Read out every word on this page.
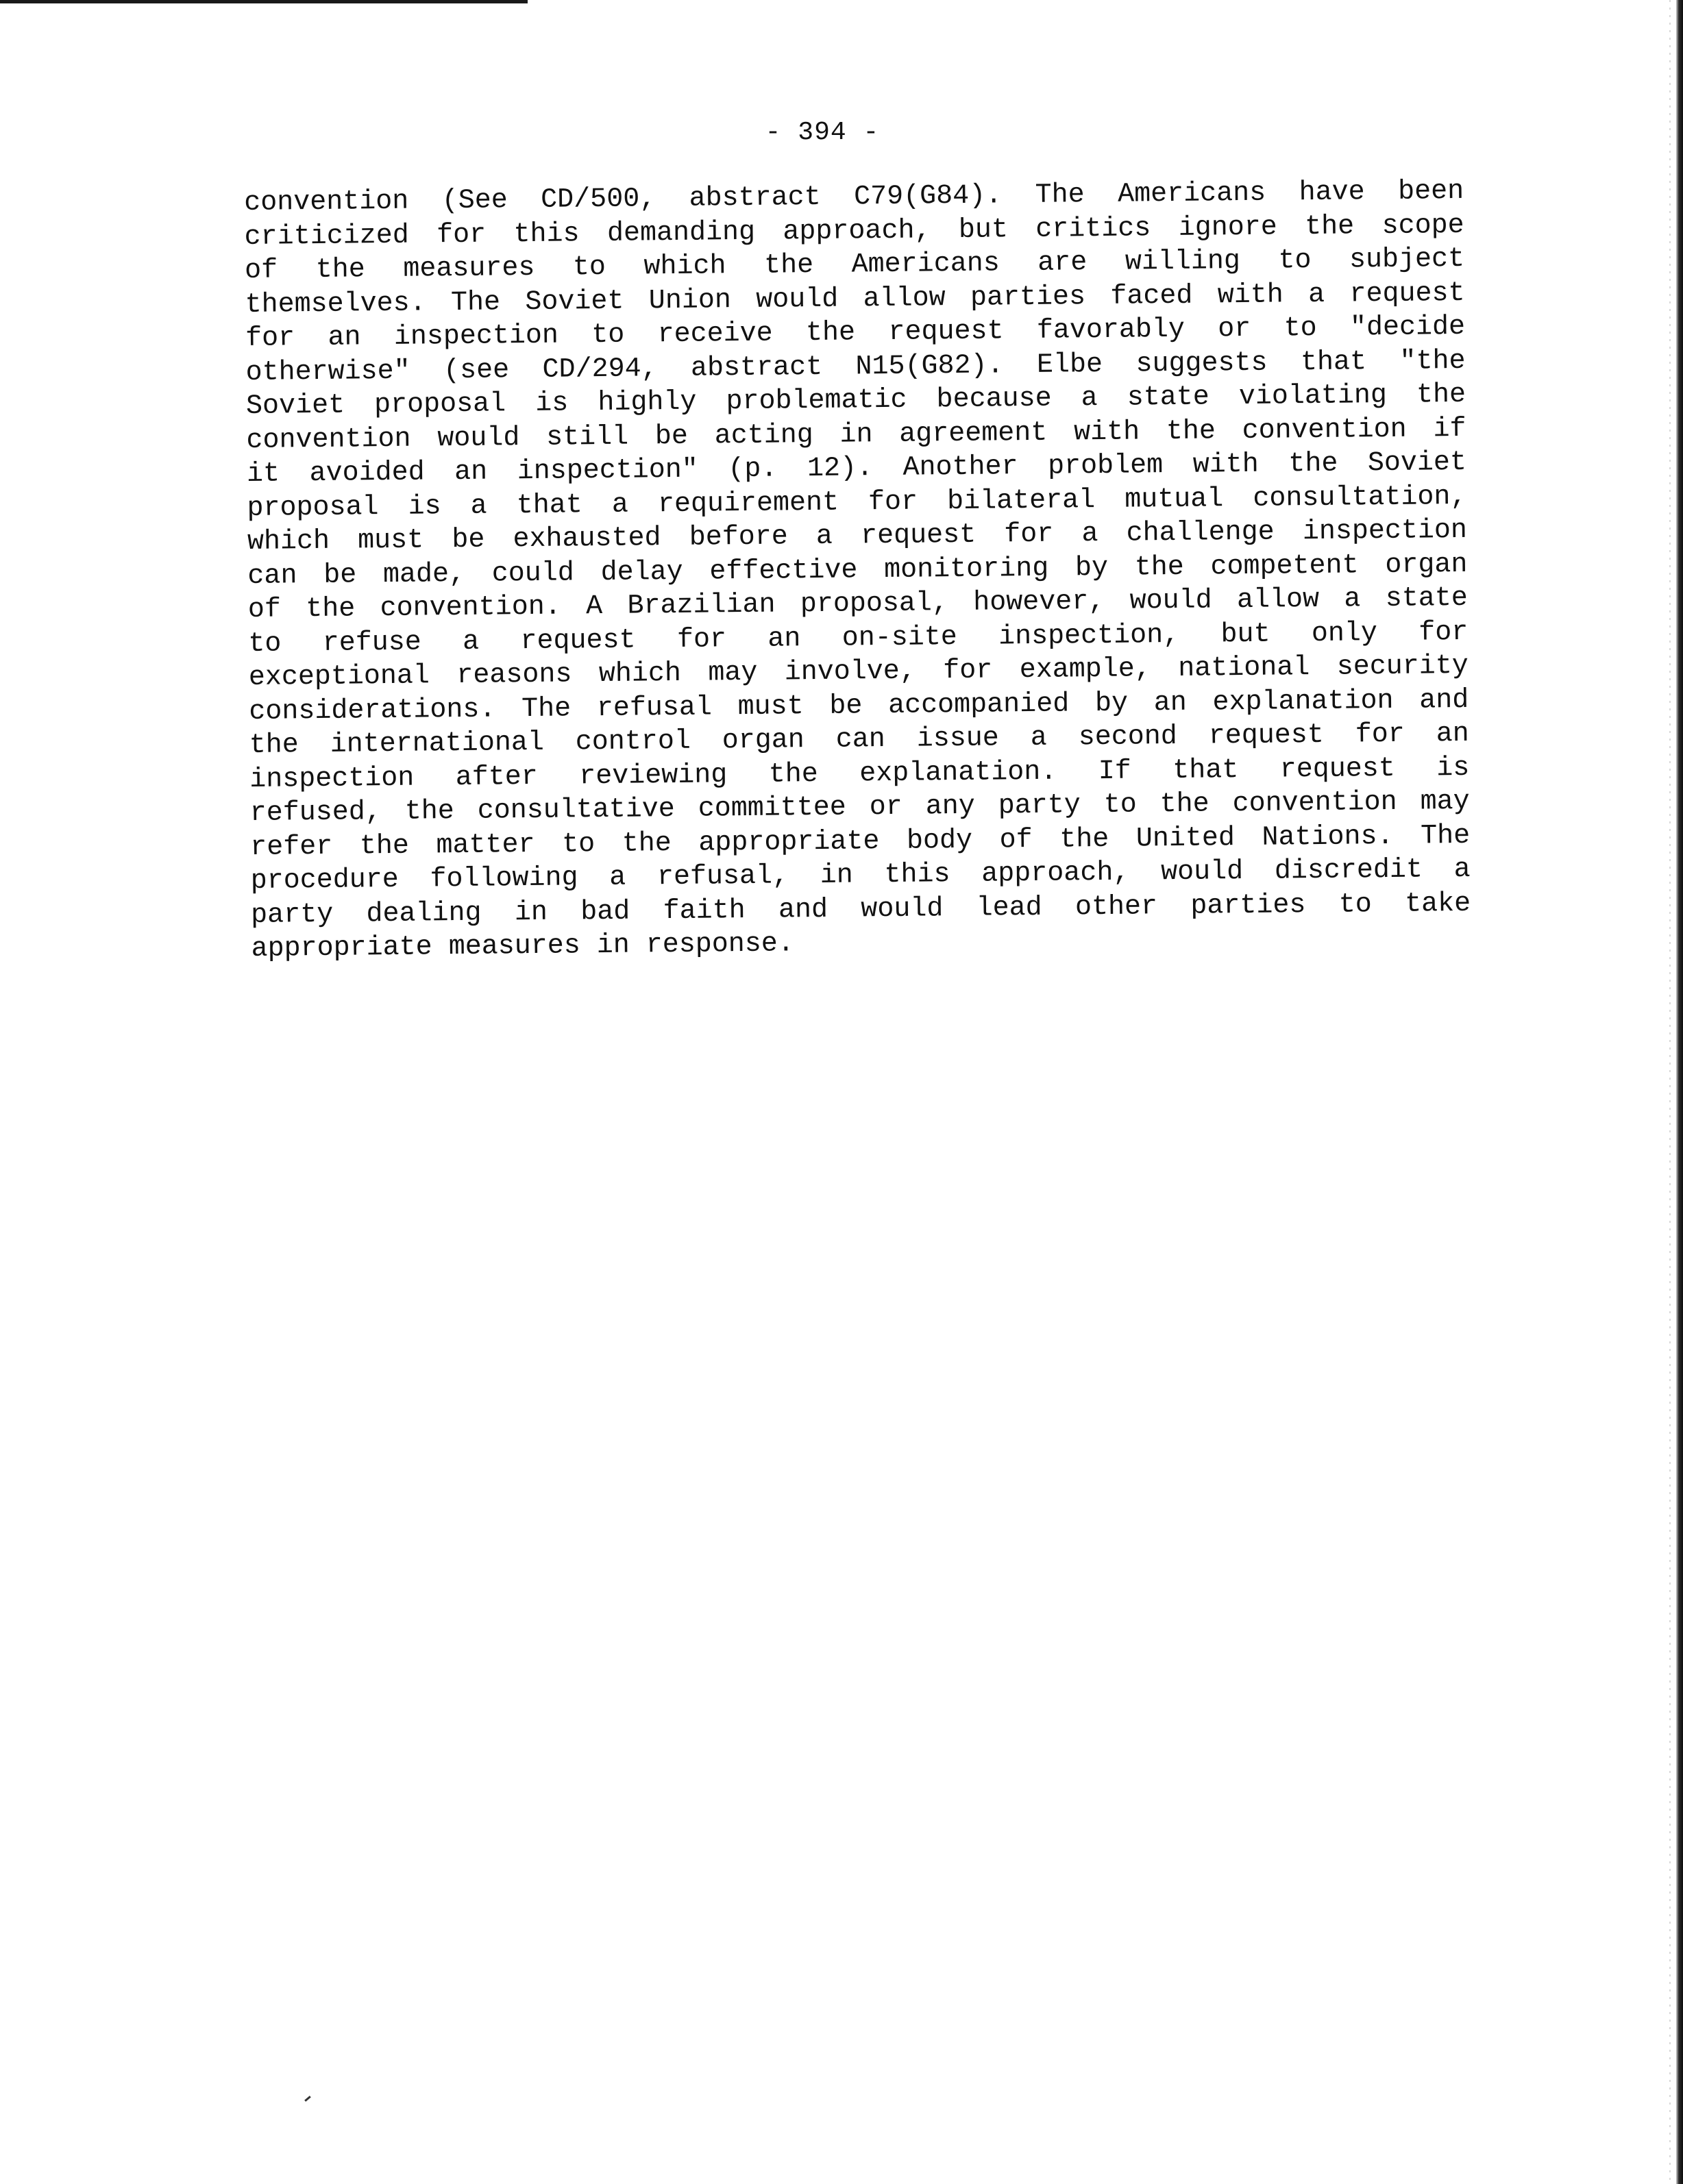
- 394 -
convention (See CD/500, abstract C79(G84). The Americans have been
criticized for this demanding approach, but critics ignore the scope
of the measures to which the Americans are willing to subject
themselves. The Soviet Union would allow parties faced with a request
for an inspection to receive the request favorably or to "decide
otherwise" (see CD/294, abstract N15(G82). Elbe suggests that "the
Soviet proposal is highly problematic because a state violating the
convention would still be acting in agreement with the convention if
it avoided an inspection" (p. 12). Another problem with the Soviet
proposal is a that a requirement for bilateral mutual consultation,
which must be exhausted before a request for a challenge inspection
can be made, could delay effective monitoring by the competent organ
of the convention. A Brazilian proposal, however, would allow a state
to refuse a request for an on-site inspection, but only for
exceptional reasons which may involve, for example, national security
considerations. The refusal must be accompanied by an explanation and
the international control organ can issue a second request for an
inspection after reviewing the explanation. If that request is
refused, the consultative committee or any party to the convention may
refer the matter to the appropriate body of the United Nations. The
procedure following a refusal, in this approach, would discredit a
party dealing in bad faith and would lead other parties to take
appropriate measures in response.
